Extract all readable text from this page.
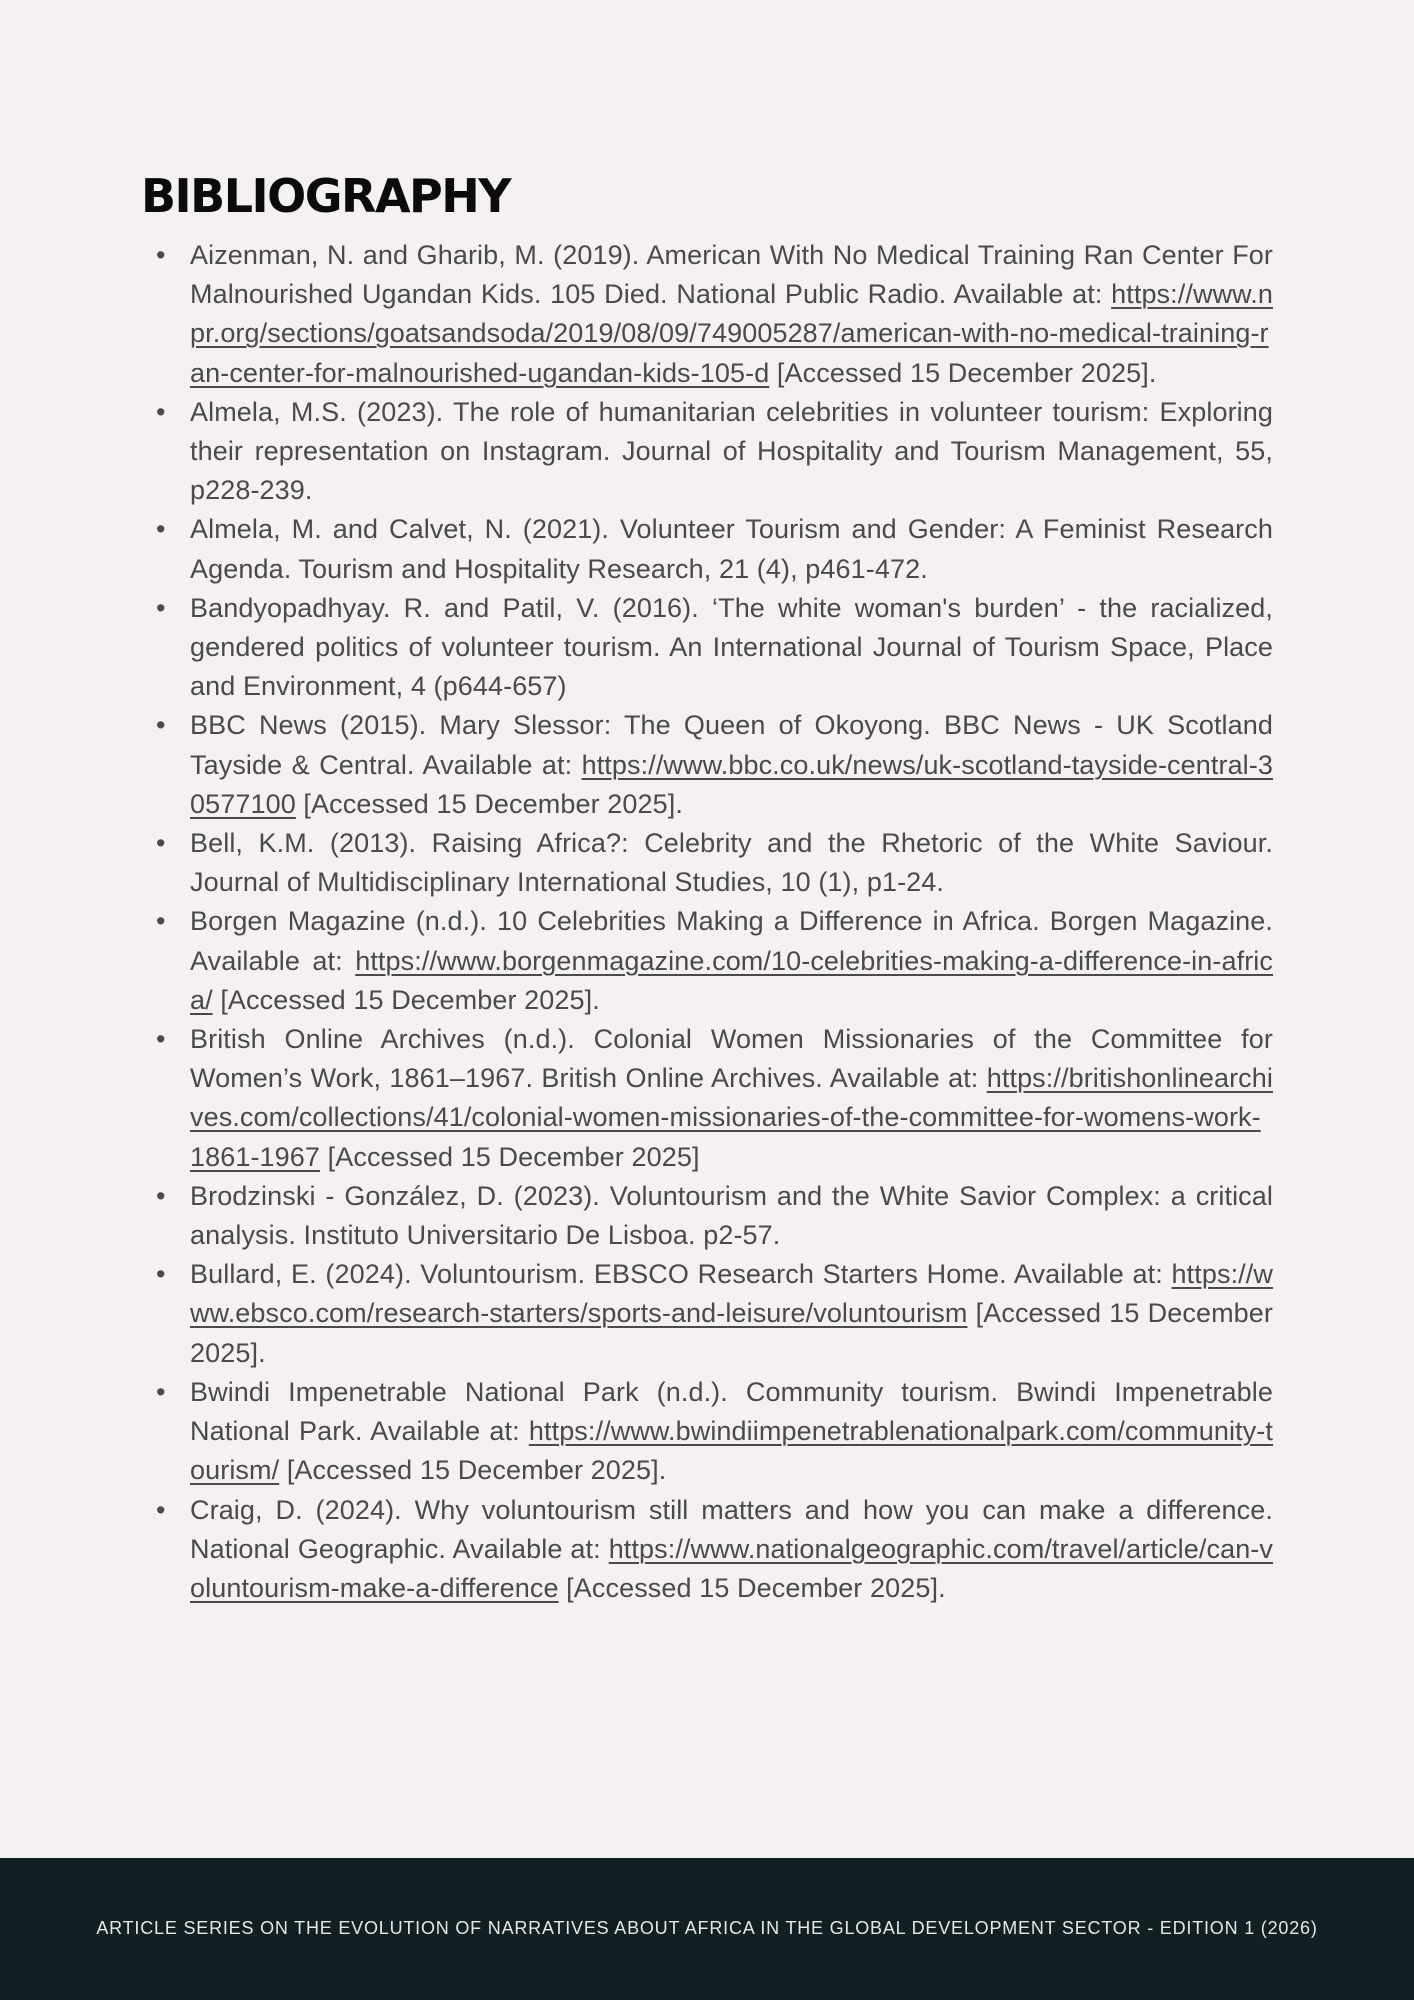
BIBLIOGRAPHY
• Aizenman, N. and Gharib, M. (2019). American With No Medical Training Ran Center For Malnourished Ugandan Kids. 105 Died. National Public Radio. Available at: https://www.npr.org/sections/goatsandsoda/2019/08/09/749005287/american-with-no-medical-training-ran-center-for-malnourished-ugandan-kids-105-d [Accessed 15 December 2025].
• Almela, M.S. (2023). The role of humanitarian celebrities in volunteer tourism: Exploring their representation on Instagram. Journal of Hospitality and Tourism Management, 55, p228-239.
• Almela, M. and Calvet, N. (2021). Volunteer Tourism and Gender: A Feminist Research Agenda. Tourism and Hospitality Research, 21 (4), p461-472.
• Bandyopadhyay. R. and Patil, V. (2016). ‘The white woman's burden’ - the racialized, gendered politics of volunteer tourism. An International Journal of Tourism Space, Place and Environment, 4 (p644-657)
• BBC News (2015). Mary Slessor: The Queen of Okoyong. BBC News - UK Scotland Tayside & Central. Available at: https://www.bbc.co.uk/news/uk-scotland-tayside-central-30577100 [Accessed 15 December 2025].
• Bell, K.M. (2013). Raising Africa?: Celebrity and the Rhetoric of the White Saviour. Journal of Multidisciplinary International Studies, 10 (1), p1-24.
• Borgen Magazine (n.d.). 10 Celebrities Making a Difference in Africa. Borgen Magazine. Available at: https://www.borgenmagazine.com/10-celebrities-making-a-difference-in-africa/ [Accessed 15 December 2025].
• British Online Archives (n.d.). Colonial Women Missionaries of the Committee for Women’s Work, 1861–1967. British Online Archives. Available at: https://britishonlinearchives.com/collections/41/colonial-women-missionaries-of-the-committee-for-womens-work-1861-1967 [Accessed 15 December 2025]
• Brodzinski - González, D. (2023). Voluntourism and the White Savior Complex: a critical analysis. Instituto Universitario De Lisboa. p2-57.
• Bullard, E. (2024). Voluntourism. EBSCO Research Starters Home. Available at: https://www.ebsco.com/research-starters/sports-and-leisure/voluntourism [Accessed 15 December 2025].
• Bwindi Impenetrable National Park (n.d.). Community tourism. Bwindi Impenetrable National Park. Available at: https://www.bwindiimpenetrablenationalpark.com/community-tourism/ [Accessed 15 December 2025].
• Craig, D. (2024). Why voluntourism still matters and how you can make a difference. National Geographic. Available at: https://www.nationalgeographic.com/travel/article/can-voluntourism-make-a-difference [Accessed 15 December 2025].
ARTICLE SERIES ON THE EVOLUTION OF NARRATIVES ABOUT AFRICA IN THE GLOBAL DEVELOPMENT SECTOR - EDITION 1 (2026)
